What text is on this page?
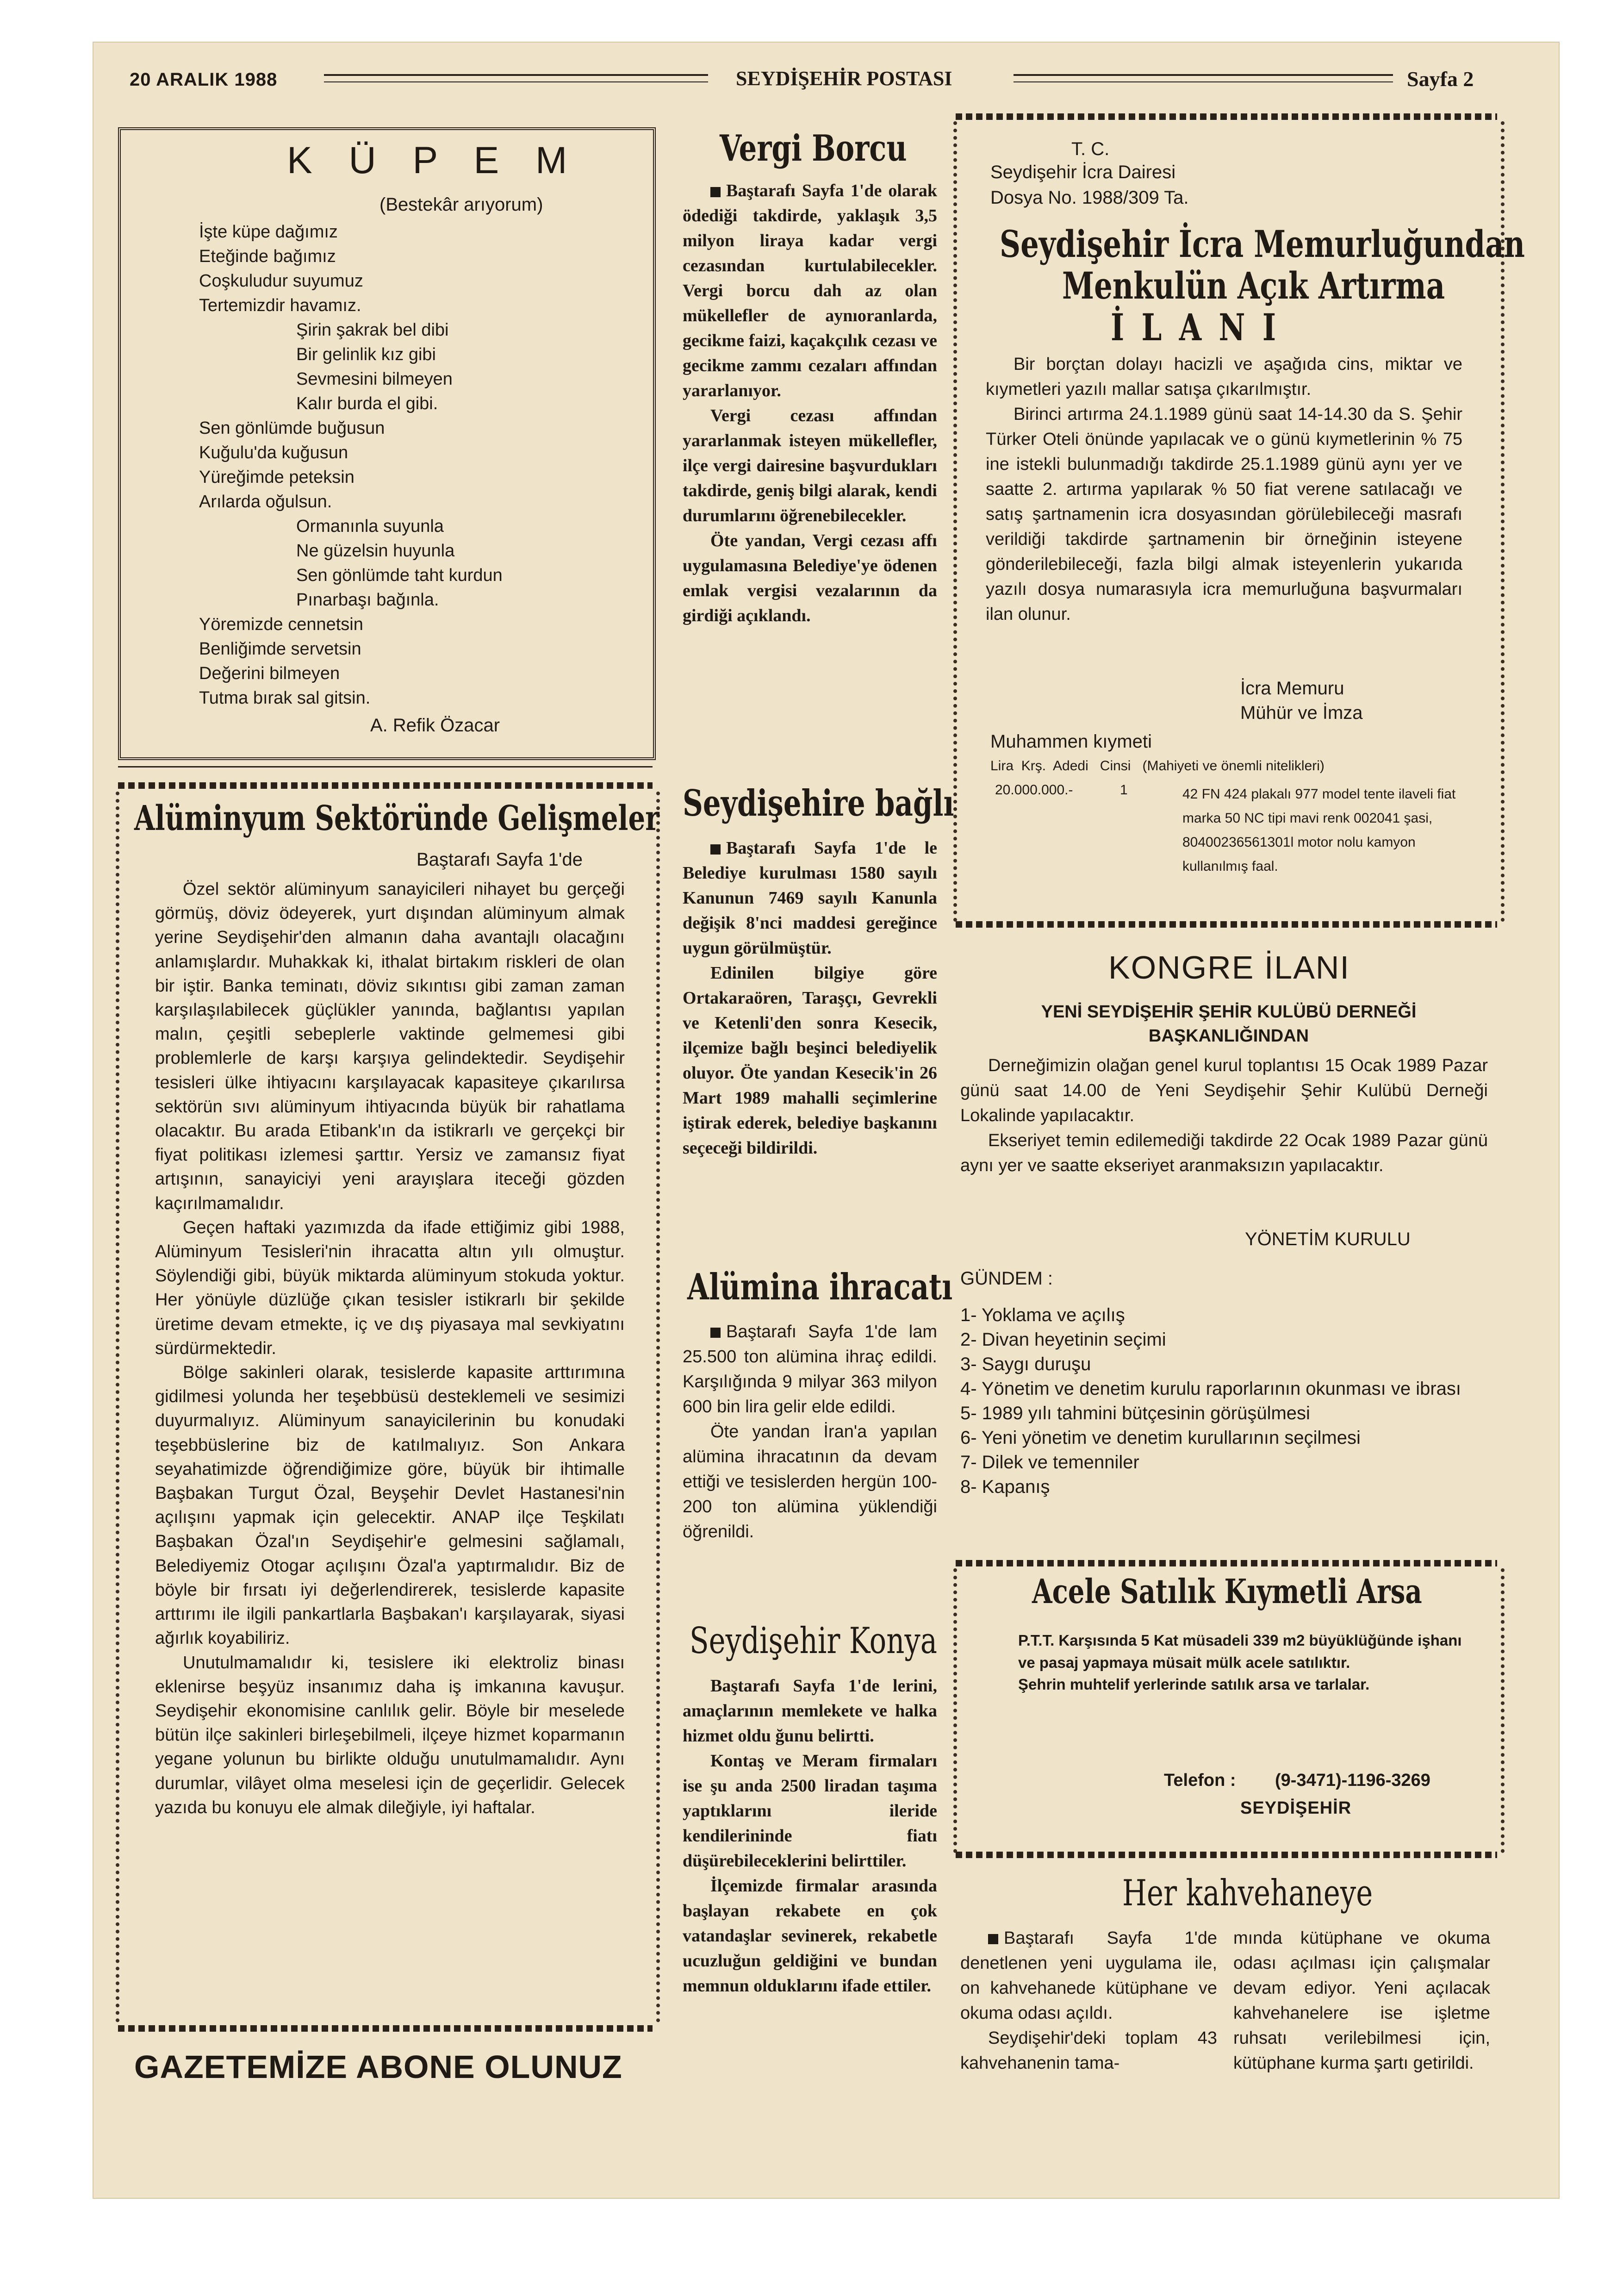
20 ARALIK 1988	SEYDİŞEHİR POSTASI	Sayfa 2
K Ü P E M
(Bestekâr arıyorum)
İşte küpe dağımız
Eteğinde bağımız
Coşkuludur suyumuz
Tertemizdir havamız.
Şirin şakrak bel dibi
Bir gelinlik kız gibi
Sevmesini bilmeyen
Kalır burda el gibi.
Sen gönlümde buğusun
Kuğulu'da kuğusun
Yüreğimde peteksin
Arılarda oğulsun.
Ormanınla suyunla
Ne güzelsin huyunla
Sen gönlümde taht kurdun
Pınarbaşı bağınla.
Yöremizde cennetsin
Benliğimde servetsin
Değerini bilmeyen
Tutma bırak sal gitsin.
A. Refik Özacar
Alüminyum Sektöründe Gelişmeler
Baştarafı Sayfa 1'de

Özel sektör alüminyum sanayicileri nihayet bu gerçeği görmüş, döviz ödeyerek, yurt dışından alüminyum almak yerine Seydişehir'den almanın daha avantajlı olacağını anlamışlardır. Muhakkak ki, ithalat birtakım riskleri de olan bir iştir. Banka teminatı, döviz sıkıntısı gibi zaman zaman karşılaşılabilecek güçlükler yanında, bağlantısı yapılan malın, çeşitli sebeplerle vaktinde gelmemesi gibi problemlerle de karşı karşıya gelindektedir. Seydişehir tesisleri ülke ihtiyacını karşılayacak kapasiteye çıkarılırsa sektörün sıvı alüminyum ihtiyacında büyük bir rahatlama olacaktır. Bu arada Etibank'ın da istikrarlı ve gerçekçi bir fiyat politikası izlemesi şarttır. Yersiz ve zamansız fiyat artışının, sanayiciyi yeni arayışlara iteceği gözden kaçırılmamalıdır.

Geçen haftaki yazımızda da ifade ettiğimiz gibi 1988, Alüminyum Tesisleri'nin ihracatta altın yılı olmuştur. Söylendiği gibi, büyük miktarda alüminyum stokuda yoktur. Her yönüyle düzlüğe çıkan tesisler istikrarlı bir şekilde üretime devam etmekte, iç ve dış piyasaya mal sevkiyatını sürdürmektedir.

Bölge sakinleri olarak, tesislerde kapasite arttırımına gidilmesi yolunda her teşebbüsü desteklemeli ve sesimizi duyurmalıyız. Alüminyum sanayicilerinin bu konudaki teşebbüslerine biz de katılmalıyız. Son Ankara seyahatimizde öğrendiğimize göre, büyük bir ihtimalle Başbakan Turgut Özal, Beyşehir Devlet Hastanesi'nin açılışını yapmak için gelecektir. ANAP ilçe Teşkilatı Başbakan Özal'ın Seydişehir'e gelmesini sağlamalı, Belediyemiz Otogar açılışını Özal'a yaptırmalıdır. Biz de böyle bir fırsatı iyi değerlendirerek, tesislerde kapasite arttırımı ile ilgili pankartlarla Başbakan'ı karşılayarak, siyasi ağırlık koyabiliriz.

Unutulmamalıdır ki, tesislere iki elektroliz binası eklenirse beşyüz insanımız daha iş imkanına kavuşur. Seydişehir ekonomisine canlılık gelir. Böyle bir meselede bütün ilçe sakinleri birleşebilmeli, ilçeye hizmet koparmanın yegane yolunun bu birlikte olduğu unutulmamalıdır. Aynı durumlar, vilâyet olma meselesi için de geçerlidir. Gelecek yazıda bu konuyu ele almak dileğiyle, iyi haftalar.

GAZETEMİZE ABONE OLUNUZ
Vergi Borcu

Baştarafı Sayfa 1'de olarak ödediği takdirde, yaklaşık 3,5 milyon liraya kadar vergi cezasından kurtulabilecekler. Vergi borcu dah az olan mükellefler de aynıoranlarda, gecikme faizi, kaçakçılık cezası ve gecikme zammı cezaları affından yararlanıyor.

Vergi cezası affından yararlanmak isteyen mükellefler, ilçe vergi dairesine başvurdukları takdirde, geniş bilgi alarak, kendi durumlarını öğrenebilecekler.

Öte yandan, Vergi cezası affı uygulamasına Belediye'ye ödenen emlak vergisi vezalarının da girdiği açıklandı.

Seydişehire bağlı

Baştarafı Sayfa 1'de le Belediye kurulması 1580 sayılı Kanunun 7469 sayılı Kanunla değişik 8'nci maddesi gereğince uygun görülmüştür.

Edinilen bilgiye göre Ortakaraören, Taraşçı, Gevrekli ve Ketenli'den sonra Kesecik, ilçemize bağlı beşinci belediyelik oluyor. Öte yandan Kesecik'in 26 Mart 1989 mahalli seçimlerine iştirak ederek, belediye başkanını seçeceği bildirildi.

Alümina ihracatı

Baştarafı Sayfa 1'de lam 25.500 ton alümina ihraç edildi. Karşılığında 9 milyar 363 milyon 600 bin lira gelir elde edildi.

Öte yandan İran'a yapılan alümina ihracatının da devam ettiği ve tesislerden hergün 100-200 ton alümina yüklendiği öğrenildi.

Seydişehir Konya

Baştarafı Sayfa 1'de lerini, amaçlarının memlekete ve halka hizmet oldu ğunu belirtti.

Kontaş ve Meram firmaları ise şu anda 2500 liradan taşıma yaptıklarını ileride kendilerininde fiatı düşürebileceklerini belirttiler.

İlçemizde firmalar arasında başlayan rekabete en çok vatandaşlar sevinerek, rekabetle ucuzluğun geldiğini ve bundan memnun olduklarını ifade ettiler.

T. C.
Seydişehir İcra Dairesi
Dosya No. 1988/309 Ta.
Seydişehir İcra Memurluğundan
Menkulün Açık Artırma
İ L A N I

Bir borçtan dolayı hacizli ve aşağıda cins, miktar ve kıymetleri yazılı mallar satışa çıkarılmıştır.

Birinci artırma 24.1.1989 günü saat 14-14.30 da S. Şehir Türker Oteli önünde yapılacak ve o günü kıymetlerinin % 75 ine istekli bulunmadığı takdirde 25.1.1989 günü aynı yer ve saatte 2. artırma yapılarak % 50 fiat verene satılacağı ve satış şartnamenin icra dosyasından görülebileceği masrafı verildiği takdirde şartnamenin bir örneğinin isteyene gönderilebileceği, fazla bilgi almak isteyenlerin yukarıda yazılı dosya numarasıyla icra memurluğuna başvurmaları ilan olunur.

İcra Memuru
Mühür ve İmza
Muhammen kıymeti
Lira  Krş.  Adedi   Cinsi   (Mahiyeti ve önemli nitelikleri)
20.000.000.-	1	42 FN 424 plakalı 977 model tente ilaveli fiat marka 50 NC tipi mavi renk 002041 şasi, 80400236561301l motor nolu kamyon kullanılmış faal.
KONGRE İLANI
YENİ SEYDİŞEHİR ŞEHİR KULÜBÜ DERNEĞİ BAŞKANLIĞINDAN

Derneğimizin olağan genel kurul toplantısı 15 Ocak 1989 Pazar günü saat 14.00 de Yeni Seydişehir Şehir Kulübü Derneği Lokalinde yapılacaktır.

Ekseriyet temin edilemediği takdirde 22 Ocak 1989 Pazar günü aynı yer ve saatte ekseriyet aranmaksızın yapılacaktır.

YÖNETİM KURULU
GÜNDEM :
1- Yoklama ve açılış
2- Divan heyetinin seçimi
3- Saygı duruşu
4- Yönetim ve denetim kurulu raporlarının okunması ve ibrası
5- 1989 yılı tahmini bütçesinin görüşülmesi
6- Yeni yönetim ve denetim kurullarının seçilmesi
7- Dilek ve temenniler
8- Kapanış
Acele Satılık Kıymetli Arsa
P.T.T. Karşısında 5 Kat müsadeli 339 m2 büyüklüğünde işhanı ve pasaj yapmaya müsait mülk acele satılıktır.
Şehrin muhtelif yerlerinde satılık arsa ve tarlalar.
Telefon : (9-3471)-1196-3269
SEYDİŞEHİR
Her kahvehaneye

Baştarafı Sayfa 1'de denetlenen yeni uygulama ile, on kahvehanede kütüphane ve okuma odası açıldı.

Seydişehir'deki toplam 43 kahvehanenin tama-

mında kütüphane ve okuma odası açılması için çalışmalar devam ediyor. Yeni açılacak kahvehanelere ise işletme ruhsatı verilebilmesi için, kütüphane kurma şartı getirildi.
